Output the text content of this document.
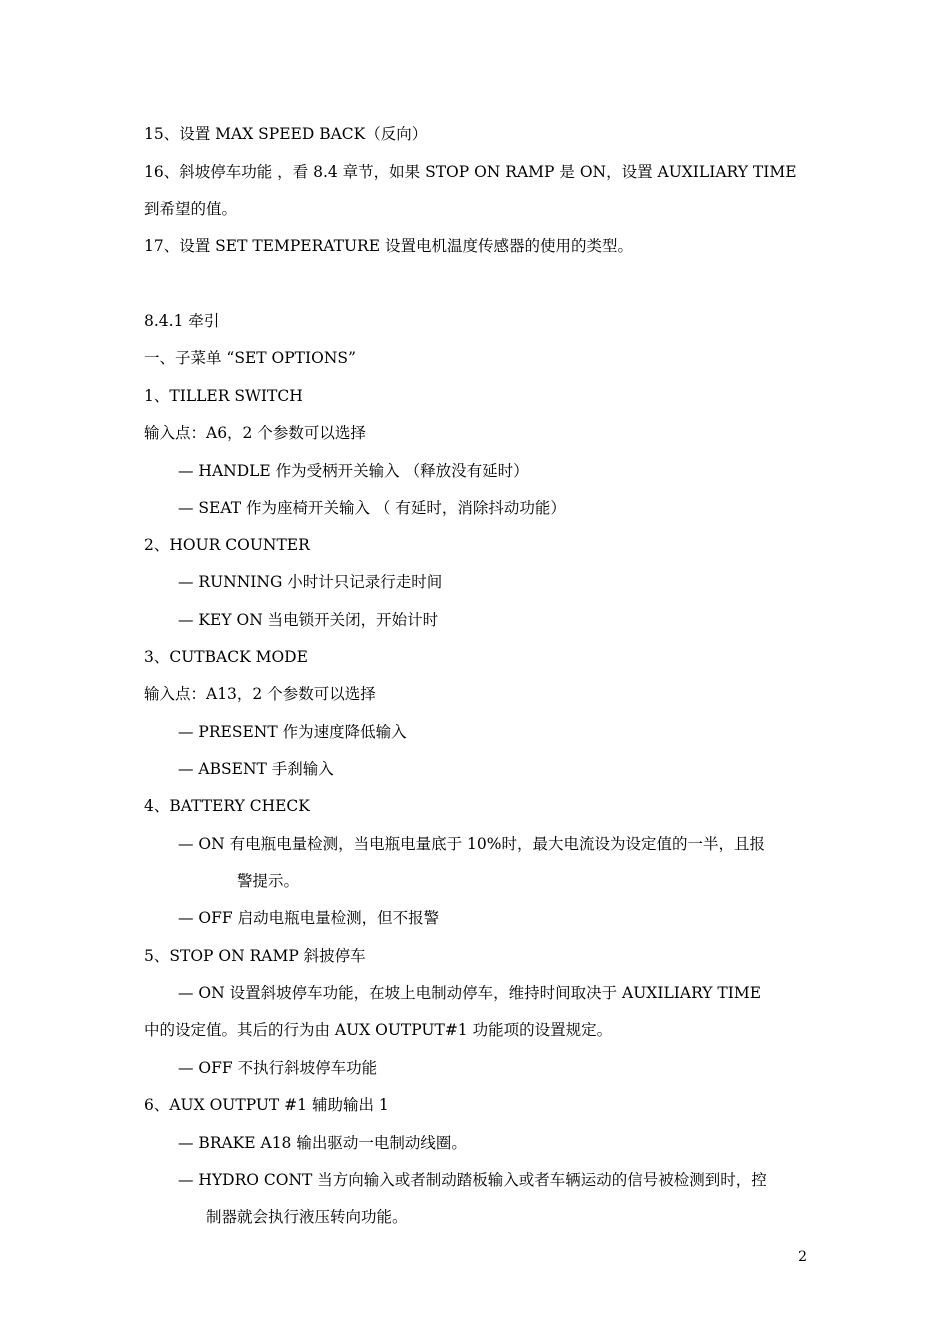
15、设置 MAX SPEED BACK（反向）
16、斜坡停车功能 ，看 8.4 章节，如果 STOP ON RAMP 是 ON，设置 AUXILIARY TIME
到希望的值。
17、设置 SET TEMPERATURE 设置电机温度传感器的使用的类型。
8.4.1 牵引
一、子菜单 “SET OPTIONS”
1、TILLER SWITCH
输入点：A6，2 个参数可以选择
— HANDLE 作为受柄开关输入 （释放没有延时）
— SEAT 作为座椅开关输入 （ 有延时，消除抖动功能）
2、HOUR COUNTER
— RUNNING 小时计只记录行走时间
— KEY ON 当电锁开关闭，开始计时
3、CUTBACK MODE
输入点：A13，2 个参数可以选择
— PRESENT 作为速度降低输入
— ABSENT 手刹输入
4、BATTERY CHECK
— ON 有电瓶电量检测，当电瓶电量底于 10%时，最大电流设为设定值的一半，且报
警提示。
— OFF 启动电瓶电量检测，但不报警
5、STOP ON RAMP 斜披停车
— ON 设置斜坡停车功能，在坡上电制动停车，维持时间取决于 AUXILIARY TIME
中的设定值。其后的行为由 AUX OUTPUT#1 功能项的设置规定。
— OFF 不执行斜坡停车功能
6、AUX OUTPUT #1 辅助输出 1
— BRAKE A18 输出驱动一电制动线圈。
— HYDRO CONT 当方向输入或者制动踏板输入或者车辆运动的信号被检测到时，控
制器就会执行液压转向功能。
2
